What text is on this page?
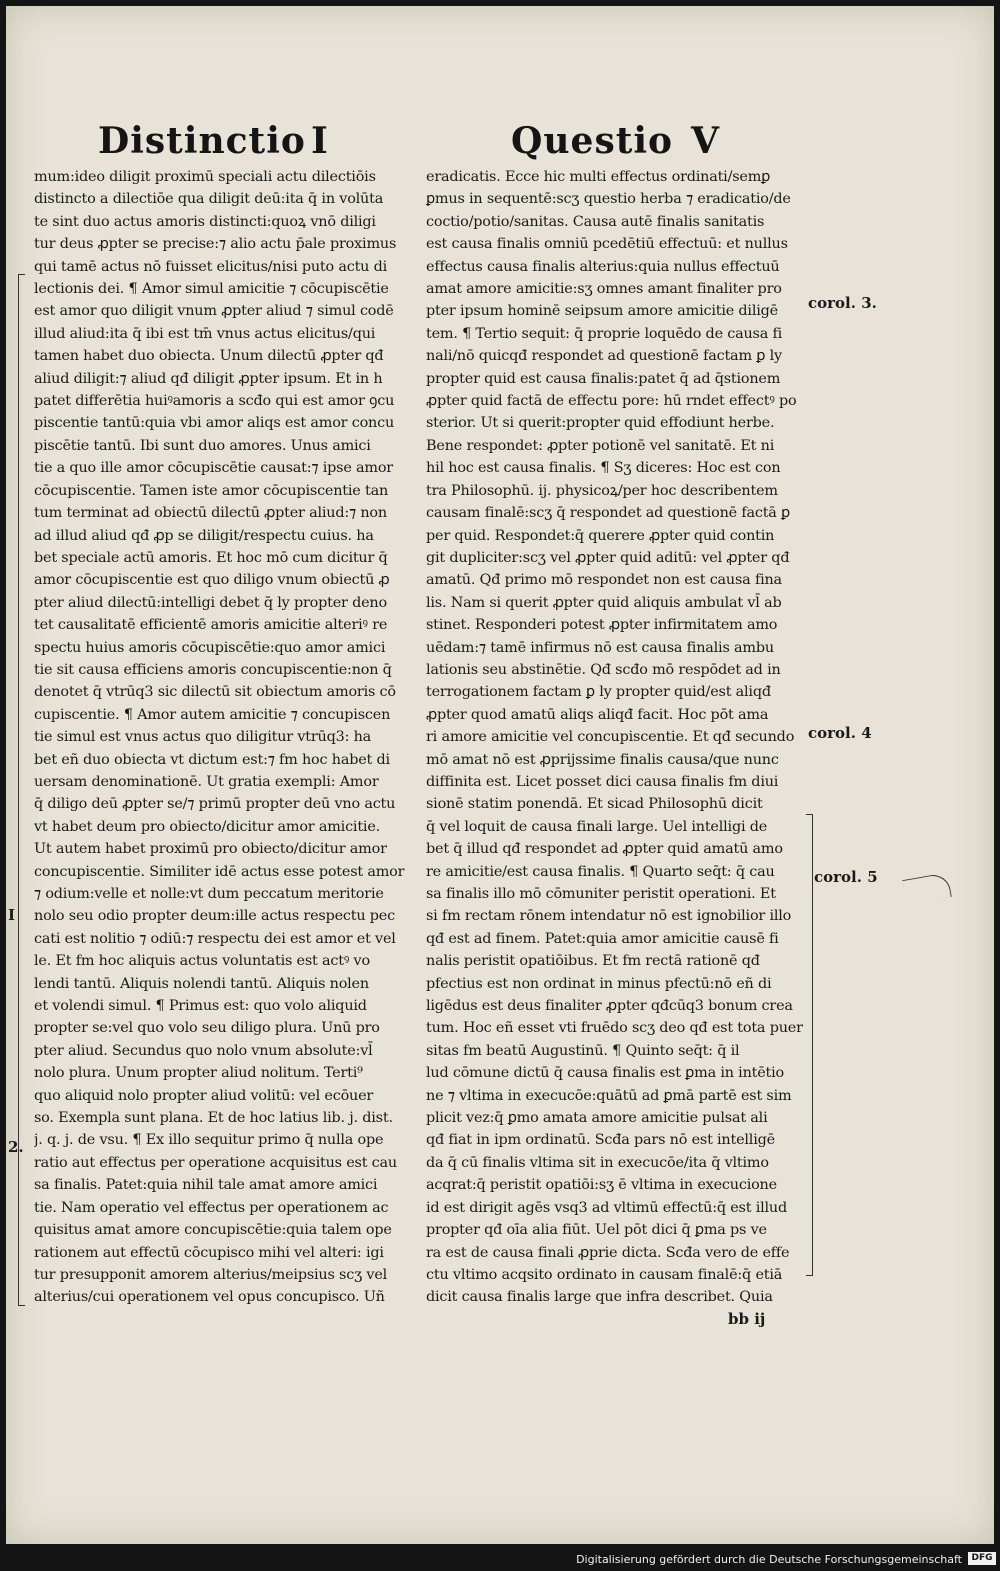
Distinctio I	Questio V
mum:ideo diligit proximū speciali actu dilectiōis
distincto a dilectiōe qua diligit deū:ita q̄ in volūta
te sint duo actus amoris distincti:quoꝝ vnō diligi
tur deus ꝓpter se precise:⁊ alio actu p̄ale proximus
qui tamē actus nō fuisset elicitus/nisi puto actu di
lectionis dei. ¶ Amor simul amicitie ⁊ cōcupiscētie
est amor quo diligit vnum ꝓpter aliud ⁊ simul codē
illud aliud:ita q̄ ibi est tm̄ vnus actus elicitus/qui
tamen habet duo obiecta. Unum dilectū ꝓpter qđ
aliud diligit:⁊ aliud qđ diligit ꝓpter ipsum. Et in h
patet differētia huiꝰamoris a scđo qui est amor ꝯcu
piscentie tantū:quia vbi amor aliqs est amor concu
piscētie tantū. Ibi sunt duo amores. Unus amici
tie a quo ille amor cōcupiscētie causat:⁊ ipse amor
cōcupiscentie. Tamen iste amor cōcupiscentie tan
tum terminat ad obiectū dilectū ꝓpter aliud:⁊ non
ad illud aliud qđ ꝓp se diligit/respectu cuius. ha
bet speciale actū amoris. Et hoc mō cum dicitur q̄
amor cōcupiscentie est quo diligo vnum obiectū ꝓ
pter aliud dilectū:intelligi debet q̄ ly propter deno
tet causalitatē efficientē amoris amicitie alteriꝰ re
spectu huius amoris cōcupiscētie:quo amor amici
tie sit causa efficiens amoris concupiscentie:non q̄
denotet q̄ vtrūq3 sic dilectū sit obiectum amoris cō
cupiscentie. ¶ Amor autem amicitie ⁊ concupiscen
tie simul est vnus actus quo diligitur vtrūq3: ha
bet eñ duo obiecta vt dictum est:⁊ fm hoc habet di
uersam denominationē. Ut gratia exempli: Amor
q̄ diligo deū ꝓpter se/⁊ primū propter deū vno actu
vt habet deum pro obiecto/dicitur amor amicitie.
Ut autem habet proximū pro obiecto/dicitur amor
concupiscentie. Similiter idē actus esse potest amor
⁊ odium:velle et nolle:vt dum peccatum meritorie
nolo seu odio propter deum:ille actus respectu pec
cati est nolitio ⁊ odiū:⁊ respectu dei est amor et vel
le. Et fm hoc aliquis actus voluntatis est actꝰ vo
lendi tantū. Aliquis nolendi tantū. Aliquis nolen
et volendi simul. ¶ Primus est: quo volo aliquid
propter se:vel quo volo seu diligo plura. Unū pro
pter aliud. Secundus quo nolo vnum absolute:vl̄
nolo plura. Unum propter aliud nolitum. Terti⁹
quo aliquid nolo propter aliud volitū: vel ecōuer
so. Exempla sunt plana. Et de hoc latius lib. j. dist.
j. q. j. de vsu. ¶ Ex illo sequitur primo q̄ nulla ope
ratio aut effectus per operatione acquisitus est cau
sa finalis. Patet:quia nihil tale amat amore amici
tie. Nam operatio vel effectus per operationem ac
quisitus amat amore concupiscētie:quia talem ope
rationem aut effectū cōcupisco mihi vel alteri: igi
tur presupponit amorem alterius/meipsius scʒ vel
alterius/cui operationem vel opus concupisco. Uñ
eradicatis. Ecce hic multi effectus ordinati/semꝑ
ꝑmus in sequentē:scʒ questio herba ⁊ eradicatio/de
coctio/potio/sanitas. Causa autē finalis sanitatis
est causa finalis omniū pcedētiū effectuū: et nullus
effectus causa finalis alterius:quia nullus effectuū
amat amore amicitie:sʒ omnes amant finaliter pro
pter ipsum hominē seipsum amore amicitie diligē
tem. ¶ Tertio sequit: q̄ proprie loquēdo de causa fi
nali/nō quicqđ respondet ad questionē factam ꝑ ly
propter quid est causa finalis:patet q̄ ad q̄stionem
ꝓpter quid factā de effectu pore: hū rndet effectꝰ po
sterior. Ut si querit:propter quid effodiunt herbe.
Bene respondet: ꝓpter potionē vel sanitatē. Et ni
hil hoc est causa finalis. ¶ Sʒ diceres: Hoc est con
tra Philosophū. ij. physicoꝝ/per hoc describentem
causam finalē:scʒ q̄ respondet ad questionē factā ꝑ
per quid. Respondet:q̄ querere ꝓpter quid contin
git dupliciter:scʒ vel ꝓpter quid aditū: vel ꝓpter qđ
amatū. Qđ primo mō respondet non est causa fina
lis. Nam si querit ꝓpter quid aliquis ambulat vl̄ ab
stinet. Responderi potest ꝓpter infirmitatem amo
uēdam:⁊ tamē infirmus nō est causa finalis ambu
lationis seu abstinētie. Qđ scđo mō respōdet ad in
terrogationem factam ꝑ ly propter quid/est aliqđ
ꝓpter quod amatū aliqs aliqđ facit. Hoc pōt ama
ri amore amicitie vel concupiscentie. Et qđ secundo
mō amat nō est ꝓprijssime finalis causa/que nunc
diffinita est. Licet posset dici causa finalis fm diui
sionē statim ponendā. Et sicad Philosophū dicit
q̄ vel loquit de causa finali large. Uel intelligi de
bet q̄ illud qđ respondet ad ꝓpter quid amatū amo
re amicitie/est causa finalis. ¶ Quarto seq̄t: q̄ cau
sa finalis illo mō cōmuniter peristit operationi. Et
si fm rectam rōnem intendatur nō est ignobilior illo
qđ est ad finem. Patet:quia amor amicitie causē fi
nalis peristit opatiōibus. Et fm rectā rationē qđ
pfectius est non ordinat in minus pfectū:nō eñ di
ligēdus est deus finaliter ꝓpter qđcūq3 bonum crea
tum. Hoc eñ esset vti fruēdo scʒ deo qđ est tota puer
sitas fm beatū Augustinū. ¶ Quinto seq̄t: q̄ il
lud cōmune dictū q̄ causa finalis est ꝑma in intētio
ne ⁊ vltima in execucōe:quātū ad ꝑmā partē est sim
plicit vez:q̄ ꝑmo amata amore amicitie pulsat ali
qđ fiat in ipm ordinatū. Scđa pars nō est intelligē
da q̄ cū finalis vltima sit in execucōe/ita q̄ vltimo
acqrat:q̄ peristit opatiōi:sʒ ē vltima in execucione
id est dirigit agēs vsq3 ad vltimū effectū:q̄ est illud
propter qđ oīa alia fiūt. Uel pōt dici q̄ ꝑma ps ve
ra est de causa finali ꝓprie dicta. Scđa vero de effe
ctu vltimo acqsito ordinato in causam finalē:q̄ etiā
dicit causa finalis large que infra describet. Quia
corol. 3.
corol. 4
corol. 5
I
2.
bb ij
Digitalisierung gefördert durch die Deutsche Forschungsgemeinschaft	DFG
